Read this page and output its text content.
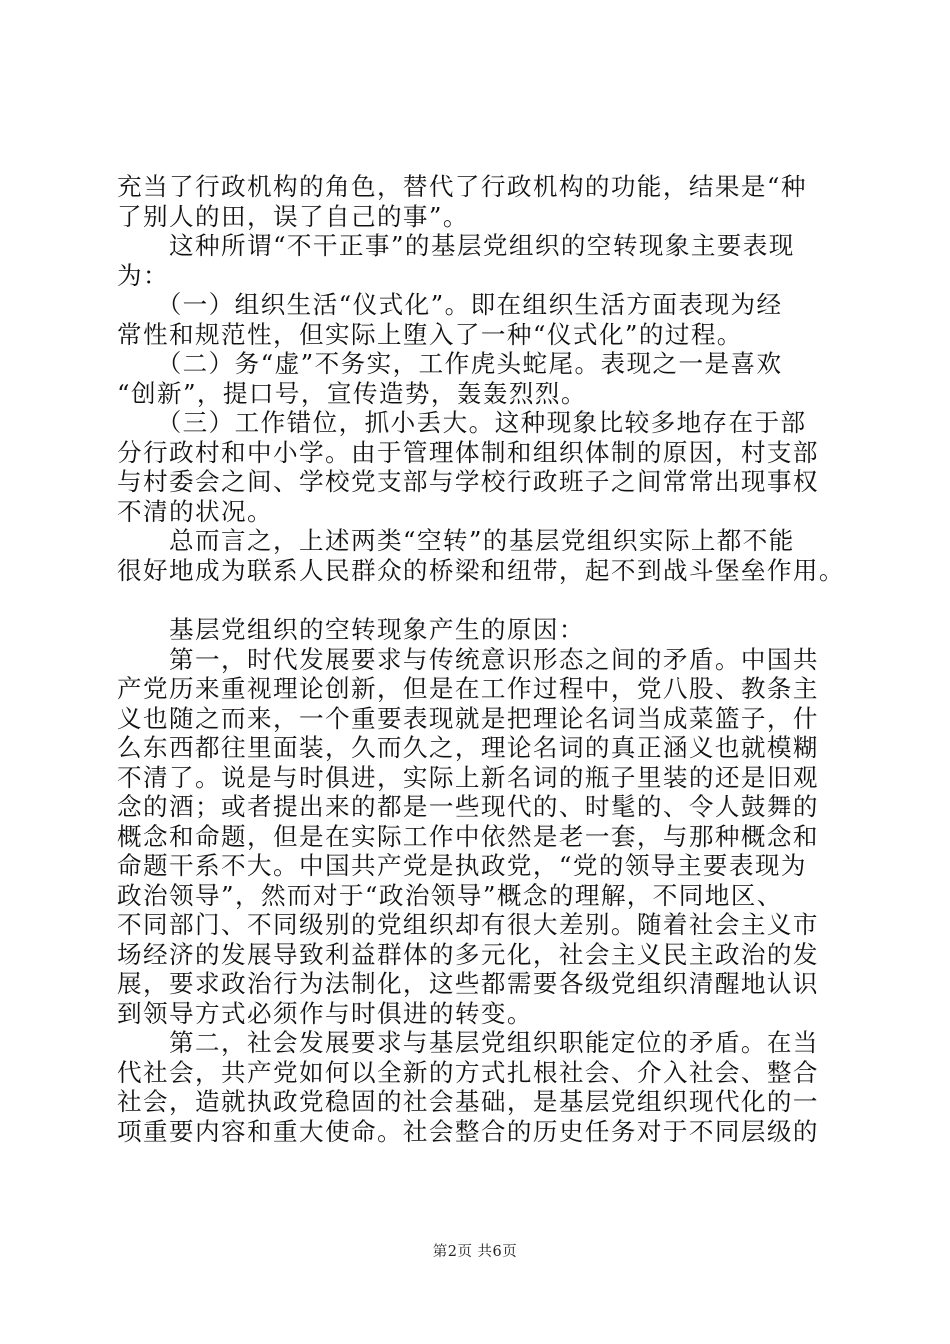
充当了行政机构的角色，替代了行政机构的功能，结果是“种

了别人的田，误了自己的事”。

　　这种所谓“不干正事”的基层党组织的空转现象主要表现

为：

　　（一）组织生活“仪式化”。即在组织生活方面表现为经

常性和规范性，但实际上堕入了一种“仪式化”的过程。

　　（二）务“虚”不务实，工作虎头蛇尾。表现之一是喜欢

“创新”，提口号，宣传造势，轰轰烈烈。

　　（三）工作错位，抓小丢大。这种现象比较多地存在于部

分行政村和中小学。由于管理体制和组织体制的原因，村支部

与村委会之间、学校党支部与学校行政班子之间常常出现事权

不清的状况。

　　总而言之，上述两类“空转”的基层党组织实际上都不能

很好地成为联系人民群众的桥梁和纽带，起不到战斗堡垒作用。

　　基层党组织的空转现象产生的原因：

　　第一，时代发展要求与传统意识形态之间的矛盾。中国共

产党历来重视理论创新，但是在工作过程中，党八股、教条主

义也随之而来，一个重要表现就是把理论名词当成菜篮子，什

么东西都往里面装，久而久之，理论名词的真正涵义也就模糊

不清了。说是与时俱进，实际上新名词的瓶子里装的还是旧观

念的酒；或者提出来的都是一些现代的、时髦的、令人鼓舞的

概念和命题，但是在实际工作中依然是老一套，与那种概念和

命题干系不大。中国共产党是执政党，“党的领导主要表现为

政治领导”，然而对于“政治领导”概念的理解，不同地区、

不同部门、不同级别的党组织却有很大差别。随着社会主义市

场经济的发展导致利益群体的多元化，社会主义民主政治的发

展，要求政治行为法制化，这些都需要各级党组织清醒地认识

到领导方式必须作与时俱进的转变。

　　第二，社会发展要求与基层党组织职能定位的矛盾。在当

代社会，共产党如何以全新的方式扎根社会、介入社会、整合

社会，造就执政党稳固的社会基础，是基层党组织现代化的一

项重要内容和重大使命。社会整合的历史任务对于不同层级的

第2页 共6页
